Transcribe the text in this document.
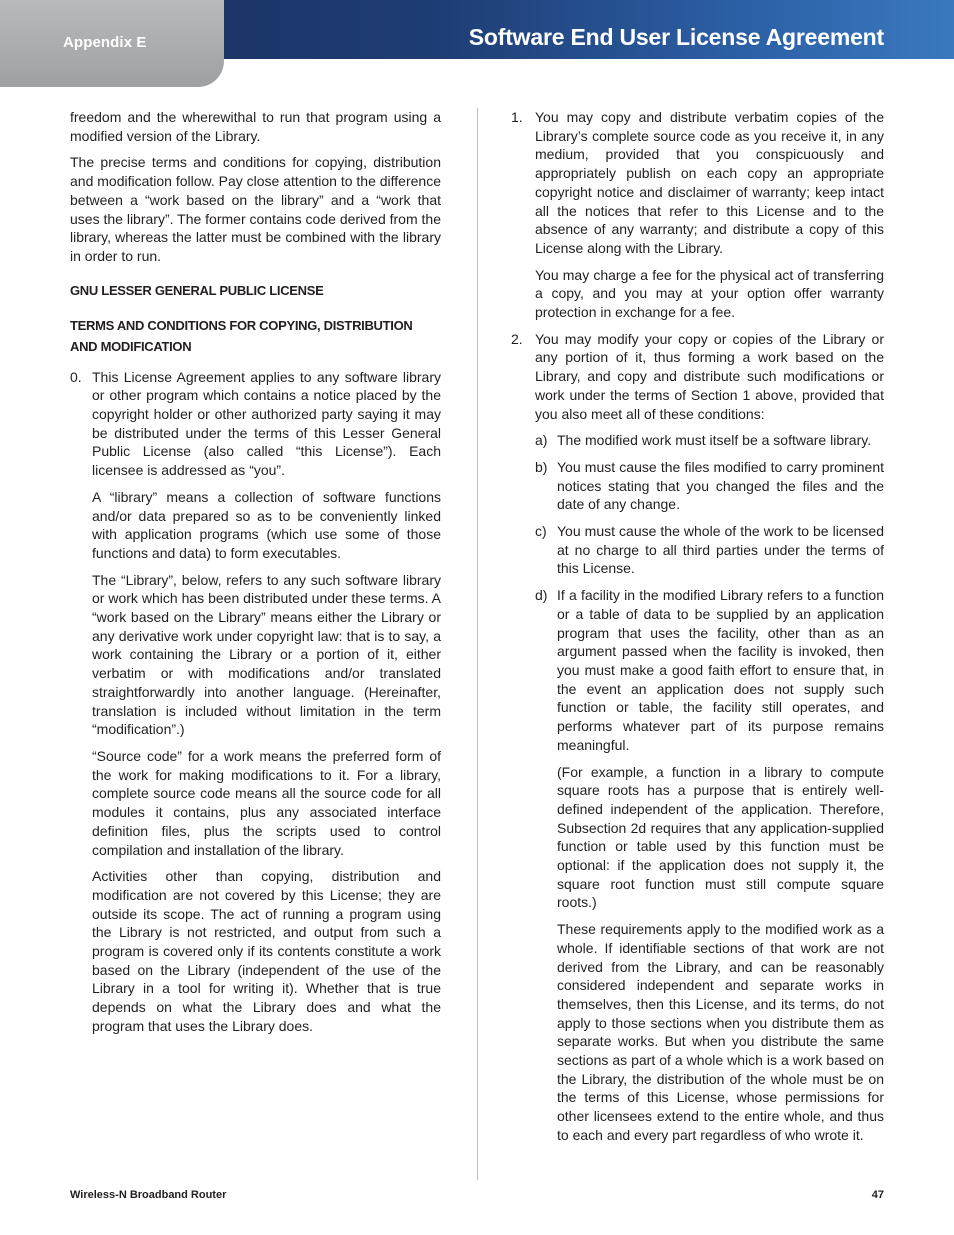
Appendix E	Software End User License Agreement

freedom and the wherewithal to run that program using a modified version of the Library.

The precise terms and conditions for copying, distribution and modification follow. Pay close attention to the difference between a “work based on the library” and a “work that uses the library”. The former contains code derived from the library, whereas the latter must be combined with the library in order to run.

GNU LESSER GENERAL PUBLIC LICENSE
TERMS AND CONDITIONS FOR COPYING, DISTRIBUTION AND MODIFICATION
0. This License Agreement applies to any software library or other program which contains a notice placed by the copyright holder or other authorized party saying it may be distributed under the terms of this Lesser General Public License (also called “this License”). Each licensee is addressed as “you”.

A “library” means a collection of software functions and/or data prepared so as to be conveniently linked with application programs (which use some of those functions and data) to form executables.

The “Library”, below, refers to any such software library or work which has been distributed under these terms. A “work based on the Library” means either the Library or any derivative work under copyright law: that is to say, a work containing the Library or a portion of it, either verbatim or with modifications and/or translated straightforwardly into another language. (Hereinafter, translation is included without limitation in the term “modification”.)

“Source code” for a work means the preferred form of the work for making modifications to it. For a library, complete source code means all the source code for all modules it contains, plus any associated interface definition files, plus the scripts used to control compilation and installation of the library.

Activities other than copying, distribution and modification are not covered by this License; they are outside its scope. The act of running a program using the Library is not restricted, and output from such a program is covered only if its contents constitute a work based on the Library (independent of the use of the Library in a tool for writing it). Whether that is true depends on what the Library does and what the program that uses the Library does.

1. You may copy and distribute verbatim copies of the Library’s complete source code as you receive it, in any medium, provided that you conspicuously and appropriately publish on each copy an appropriate copyright notice and disclaimer of warranty; keep intact all the notices that refer to this License and to the absence of any warranty; and distribute a copy of this License along with the Library.

You may charge a fee for the physical act of transferring a copy, and you may at your option offer warranty protection in exchange for a fee.

2. You may modify your copy or copies of the Library or any portion of it, thus forming a work based on the Library, and copy and distribute such modifications or work under the terms of Section 1 above, provided that you also meet all of these conditions:

a) The modified work must itself be a software library.

b) You must cause the files modified to carry prominent notices stating that you changed the files and the date of any change.

c) You must cause the whole of the work to be licensed at no charge to all third parties under the terms of this License.

d) If a facility in the modified Library refers to a function or a table of data to be supplied by an application program that uses the facility, other than as an argument passed when the facility is invoked, then you must make a good faith effort to ensure that, in the event an application does not supply such function or table, the facility still operates, and performs whatever part of its purpose remains meaningful.

(For example, a function in a library to compute square roots has a purpose that is entirely well-defined independent of the application. Therefore, Subsection 2d requires that any application-supplied function or table used by this function must be optional: if the application does not supply it, the square root function must still compute square roots.)

These requirements apply to the modified work as a whole. If identifiable sections of that work are not derived from the Library, and can be reasonably considered independent and separate works in themselves, then this License, and its terms, do not apply to those sections when you distribute them as separate works. But when you distribute the same sections as part of a whole which is a work based on the Library, the distribution of the whole must be on the terms of this License, whose permissions for other licensees extend to the entire whole, and thus to each and every part regardless of who wrote it.

Wireless-N Broadband Router	47
